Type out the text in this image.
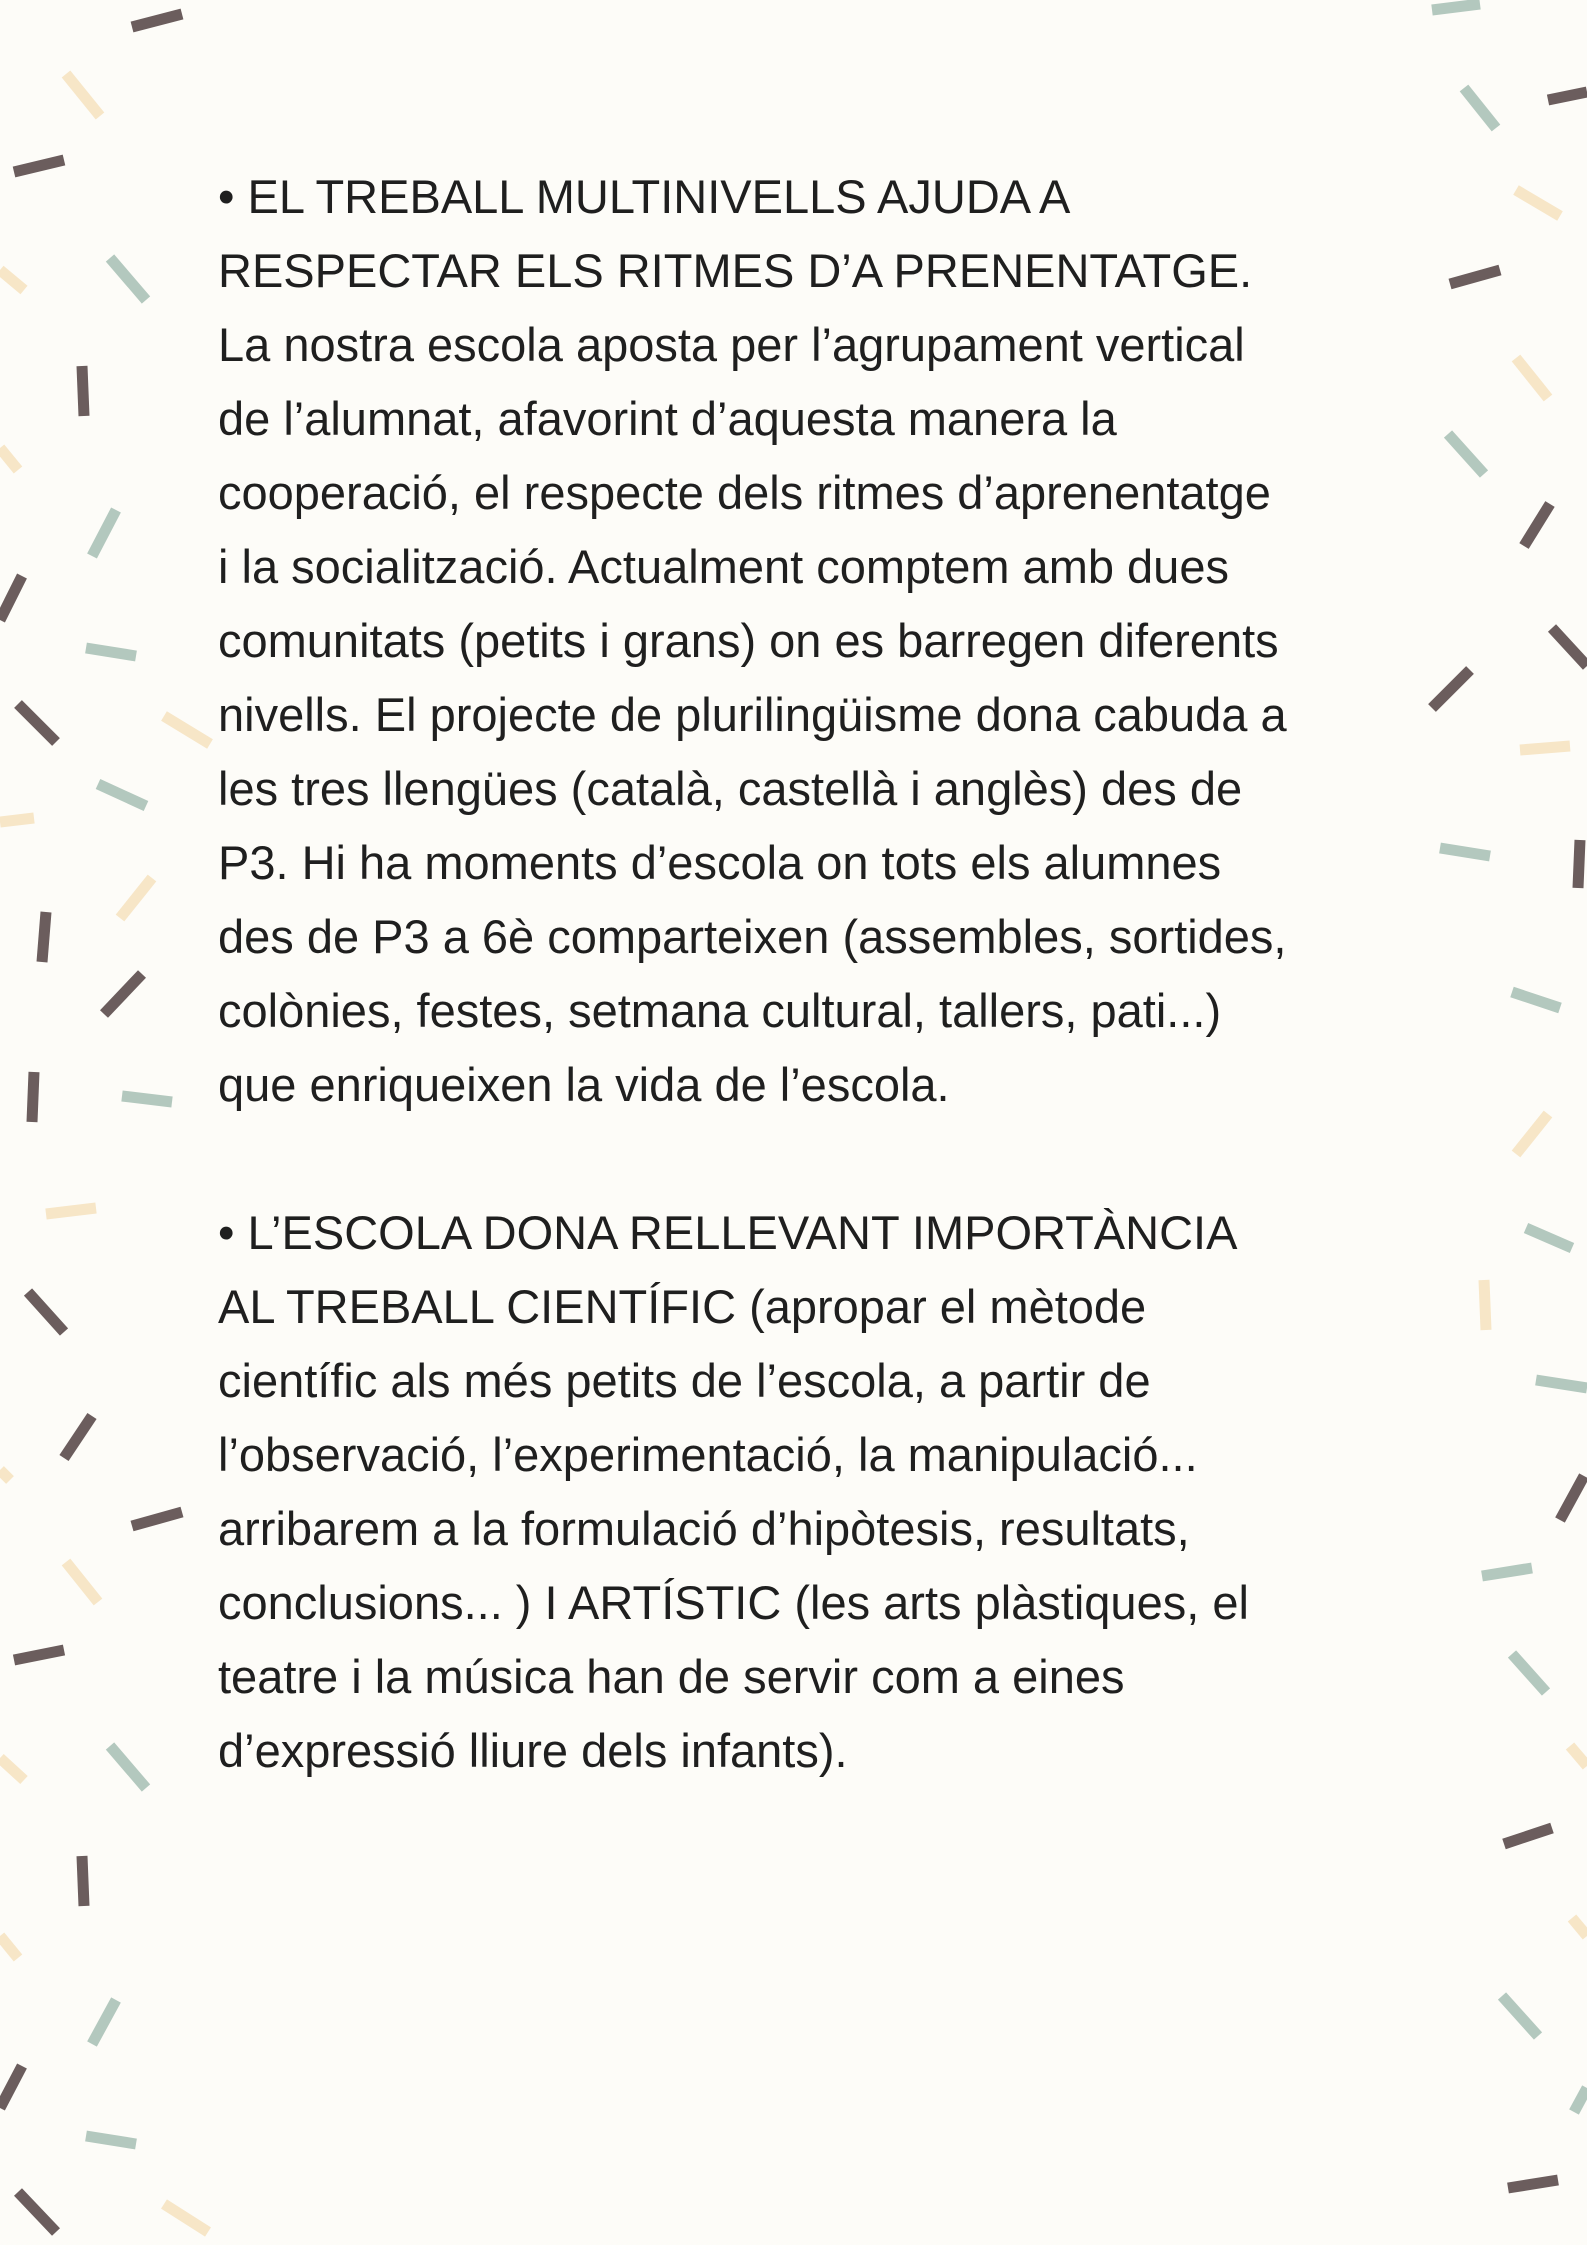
• EL TREBALL MULTINIVELLS AJUDA A
RESPECTAR ELS RITMES D’A PRENENTATGE.
La nostra escola aposta per l’agrupament vertical
de l’alumnat, afavorint d’aquesta manera la
cooperació, el respecte dels ritmes d’aprenentatge
i la socialització. Actualment comptem amb dues
comunitats (petits i grans) on es barregen diferents
nivells. El projecte de plurilingüisme dona cabuda a
les tres llengües (català, castellà i anglès) des de
P3. Hi ha moments d’escola on tots els alumnes
des de P3 a 6è comparteixen (assembles, sortides,
colònies, festes, setmana cultural, tallers, pati...)
que enriqueixen la vida de l’escola.

• L’ESCOLA DONA RELLEVANT IMPORTÀNCIA
AL TREBALL CIENTÍFIC (apropar el mètode
científic als més petits de l’escola, a partir de
l’observació, l’experimentació, la manipulació...
arribarem a la formulació d’hipòtesis, resultats,
conclusions... ) I ARTÍSTIC (les arts plàstiques, el
teatre i la música han de servir com a eines
d’expressió lliure dels infants).
